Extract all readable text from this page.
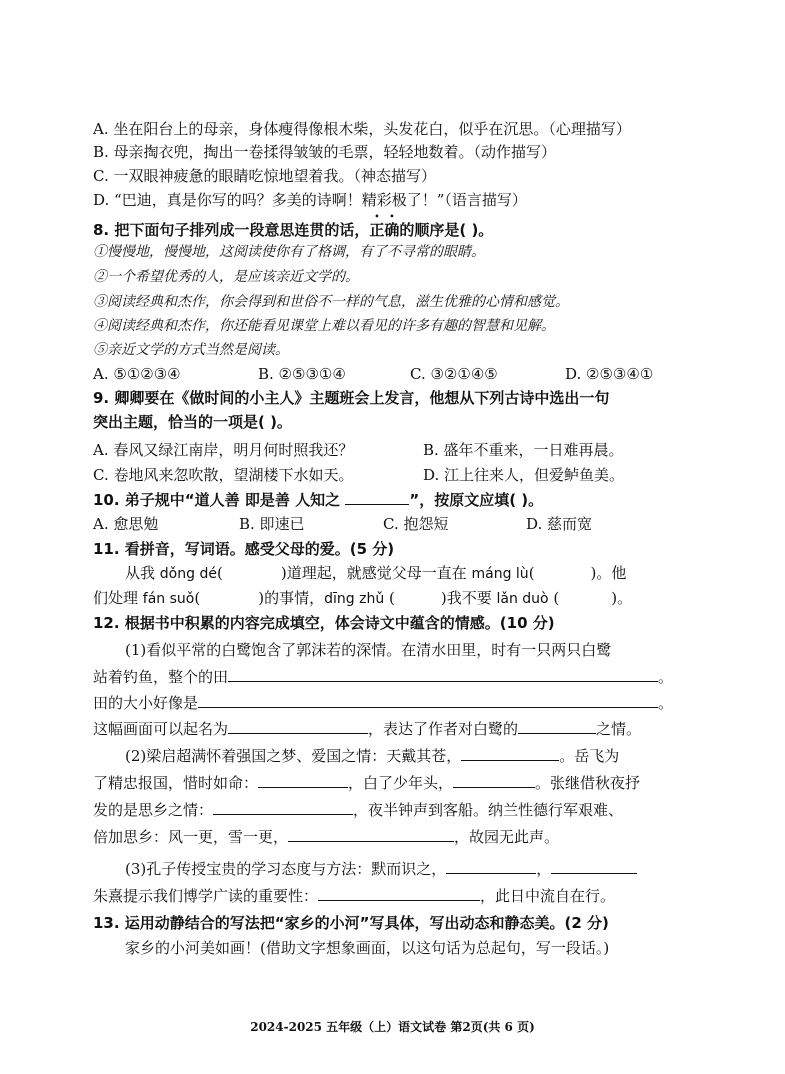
A. 坐在阳台上的母亲，身体瘦得像根木柴，头发花白，似乎在沉思。（心理描写）
B. 母亲掏衣兜，掏出一卷揉得皱皱的毛票，轻轻地数着。（动作描写）
C. 一双眼神疲惫的眼睛吃惊地望着我。（神态描写）
D. “巴迪，真是你写的吗？多美的诗啊！精彩极了！”（语言描写）
8. 把下面句子排列成一段意思连贯的话，正确的顺序是( )。
①慢慢地，慢慢地，这阅读使你有了格调，有了不寻常的眼睛。
②一个希望优秀的人，是应该亲近文学的。
③阅读经典和杰作，你会得到和世俗不一样的气息，滋生优雅的心情和感觉。
④阅读经典和杰作，你还能看见课堂上难以看见的许多有趣的智慧和见解。
⑤亲近文学的方式当然是阅读。
A. ⑤①②③④	B. ②⑤③①④	C. ③②①④⑤	D. ②⑤③④①
9. 卿卿要在《做时间的小主人》主题班会上发言，他想从下列古诗中选出一句
突出主题，恰当的一项是( )。
A. 春风又绿江南岸，明月何时照我还？	B. 盛年不重来，一日难再晨。
C. 卷地风来忽吹散，望湖楼下水如天。	D. 江上往来人，但爱鲈鱼美。
10. 弟子规中“道人善 即是善 人知之	”，按原文应填( )。
A. 愈思勉	B. 即速已	C. 抱怨短	D. 慈而宽
11. 看拼音，写词语。感受父母的爱。(5 分)
从我 dǒng dé(	)道理起，就感觉父母一直在 máng lù(	)。他
们处理 fán suǒ(	)的事情，dīng zhǔ (	)我不要 lǎn duò (	)。
12. 根据书中积累的内容完成填空，体会诗文中蕴含的情感。(10 分)
(1)看似平常的白鹭饱含了郭沫若的深情。在清水田里，时有一只两只白鹭
站着钓鱼，整个的田	。
田的大小好像是	。
这幅画面可以起名为	，表达了作者对白鹭的	之情。
(2)梁启超满怀着强国之梦、爱国之情：天戴其苍，	。岳飞为
了精忠报国，惜时如命：	，白了少年头，	。张继借秋夜抒
发的是思乡之情：	，夜半钟声到客船。纳兰性德行军艰难、
倍加思乡：风一更，雪一更，	，故园无此声。
(3)孔子传授宝贵的学习态度与方法：默而识之，	，
朱熹提示我们博学广读的重要性：	，此日中流自在行。
13. 运用动静结合的写法把“家乡的小河”写具体，写出动态和静态美。(2 分)
家乡的小河美如画！(借助文字想象画面，以这句话为总起句，写一段话。)
2024-2025 五年级（上）语文试卷 第2页(共 6 页)
